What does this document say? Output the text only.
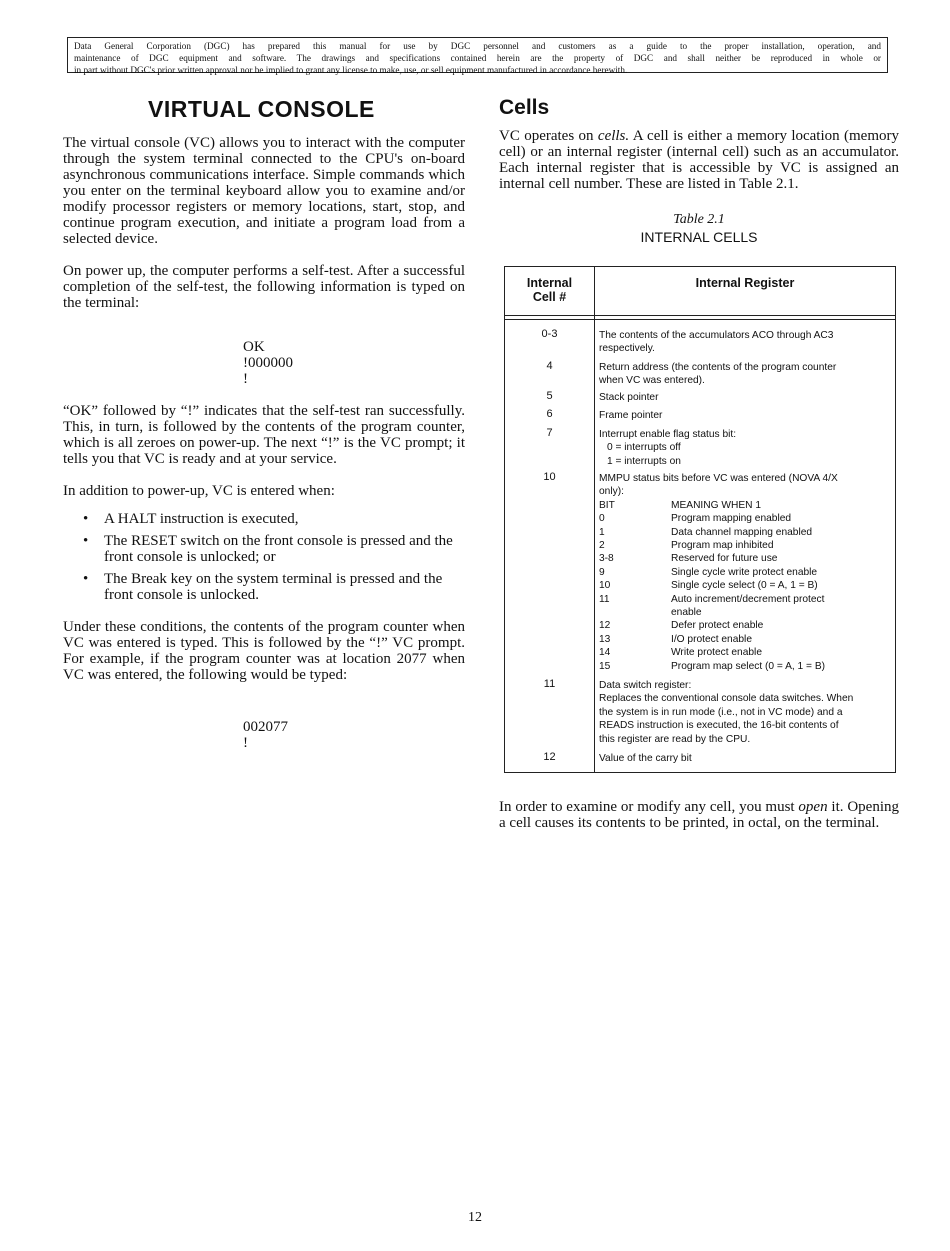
Data General Corporation (DGC) has prepared this manual for use by DGC personnel and customers as a guide to the proper installation, operation, and
maintenance of DGC equipment and software. The drawings and specifications contained herein are the property of DGC and shall neither be reproduced in whole or
in part without DGC's prior written approval nor be implied to grant any license to make, use, or sell equipment manufactured in accordance herewith.
VIRTUAL CONSOLE

The virtual console (VC) allows you to interact with the computer through the system terminal connected to the CPU's on-board asynchronous communications interface. Simple commands which you enter on the terminal keyboard allow you to examine and/or modify processor registers or memory locations, start, stop, and continue program execution, and initiate a program load from a selected device.

On power up, the computer performs a self-test. After a successful completion of the self-test, the following information is typed on the terminal:

OK
!000000
!

“OK” followed by “!” indicates that the self-test ran successfully. This, in turn, is followed by the contents of the program counter, which is all zeroes on power-up. The next “!” is the VC prompt; it tells you that VC is ready and at your service.

In addition to power-up, VC is entered when:

• A HALT instruction is executed,
• The RESET switch on the front console is pressed and the front console is unlocked; or
• The Break key on the system terminal is pressed and the front console is unlocked.

Under these conditions, the contents of the program counter when VC was entered is typed. This is followed by the “!” VC prompt. For example, if the program counter was at location 2077 when VC was entered, the following would be typed:

002077
!
Cells

VC operates on cells. A cell is either a memory location (memory cell) or an internal register (internal cell) such as an accumulator. Each internal register that is accessible by VC is assigned an internal cell number. These are listed in Table 2.1.

Table 2.1
INTERNAL CELLS
Internal
Cell #
Internal Register
0-3	The contents of the accumulators ACO through AC3
respectively.
4	Return address (the contents of the program counter
when VC was entered).
5	Stack pointer
6	Frame pointer
7	Interrupt enable flag status bit:
0 = interrupts off
1 = interrupts on
10	MMPU status bits before VC was entered (NOVA 4/X
only):
BIT	MEANING WHEN 1
0	Program mapping enabled
1	Data channel mapping enabled
2	Program map inhibited
3-8	Reserved for future use
9	Single cycle write protect enable
10	Single cycle select (0 = A, 1 = B)
11	Auto increment/decrement protect
enable
12	Defer protect enable
13	I/O protect enable
14	Write protect enable
15	Program map select (0 = A, 1 = B)
11	Data switch register:
Replaces the conventional console data switches. When
the system is in run mode (i.e., not in VC mode) and a
READS instruction is executed, the 16-bit contents of
this register are read by the CPU.
12	Value of the carry bit

In order to examine or modify any cell, you must open it. Opening a cell causes its contents to be printed, in octal, on the terminal.

12
